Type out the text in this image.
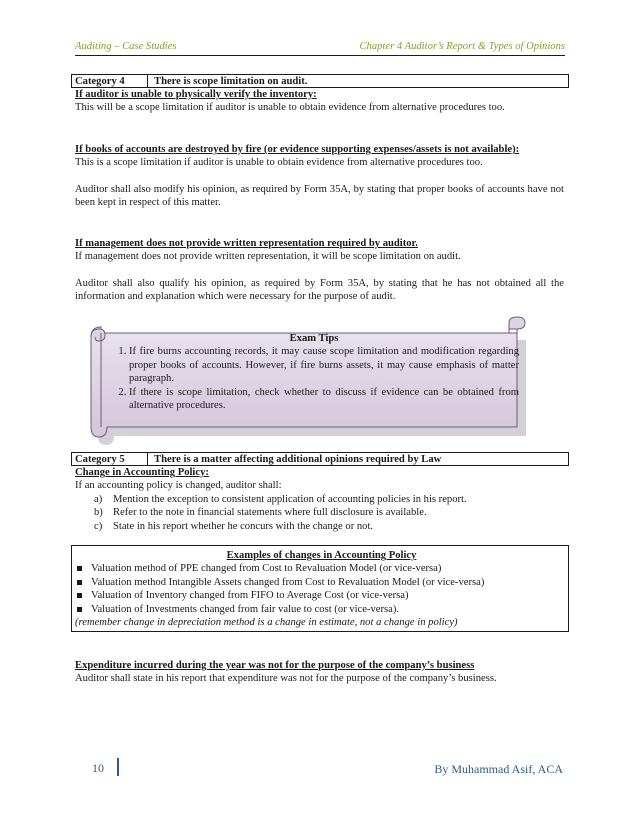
Auditing – Case Studies	Chapter 4 Auditor’s Report & Types of Opinions
Category 4	There is scope limitation on audit.
If auditor is unable to physically verify the inventory:
This will be a scope limitation if auditor is unable to obtain evidence from alternative procedures too.
If books of accounts are destroyed by fire (or evidence supporting expenses/assets is not available):
This is a scope limitation if auditor is unable to obtain evidence from alternative procedures too.
Auditor shall also modify his opinion, as required by Form 35A, by stating that proper books of accounts have not been kept in respect of this matter.
If management does not provide written representation required by auditor.
If management does not provide written representation, it will be scope limitation on audit.
Auditor shall also qualify his opinion, as required by Form 35A, by stating that he has not obtained all the information and explanation which were necessary for the purpose of audit.
Exam Tips
1. If fire burns accounting records, it may cause scope limitation and modification regarding proper books of accounts. However, if fire burns assets, it may cause emphasis of matter paragraph.
2. If there is scope limitation, check whether to discuss if evidence can be obtained from alternative procedures.
Category 5	There is a matter affecting additional opinions required by Law
Change in Accounting Policy:
If an accounting policy is changed, auditor shall:
a) Mention the exception to consistent application of accounting policies in his report.
b) Refer to the note in financial statements where full disclosure is available.
c) State in his report whether he concurs with the change or not.
Examples of changes in Accounting Policy
Valuation method of PPE changed from Cost to Revaluation Model (or vice-versa)
Valuation method Intangible Assets changed from Cost to Revaluation Model (or vice-versa)
Valuation of Inventory changed from FIFO to Average Cost (or vice-versa)
Valuation of Investments changed from fair value to cost (or vice-versa).
(remember change in depreciation method is a change in estimate, not a change in policy)
Expenditure incurred during the year was not for the purpose of the company’s business
Auditor shall state in his report that expenditure was not for the purpose of the company’s business.
10	By Muhammad Asif, ACA
